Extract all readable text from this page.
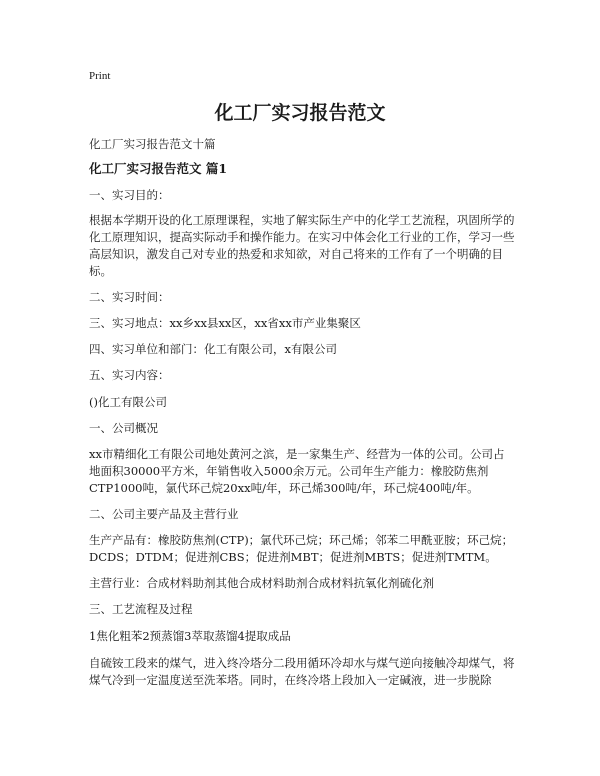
Print
化工厂实习报告范文
化工厂实习报告范文十篇
化工厂实习报告范文 篇1
一、实习目的：
根据本学期开设的化工原理课程，实地了解实际生产中的化学工艺流程，巩固所学的化工原理知识，提高实际动手和操作能力。在实习中体会化工行业的工作，学习一些高层知识，激发自己对专业的热爱和求知欲，对自己将来的工作有了一个明确的目标。
二、实习时间：
三、实习地点：xx乡xx县xx区，xx省xx市产业集聚区
四、实习单位和部门：化工有限公司，x有限公司
五、实习内容：
()化工有限公司
一、公司概况
xx市精细化工有限公司地处黄河之滨，是一家集生产、经营为一体的公司。公司占地面积30000平方米，年销售收入5000余万元。公司年生产能力：橡胶防焦剂CTP1000吨，氯代环己烷20xx吨/年，环己烯300吨/年，环己烷400吨/年。
二、公司主要产品及主营行业
生产产品有：橡胶防焦剂(CTP)；氯代环己烷；环己烯；邻苯二甲酰亚胺；环己烷；DCDS；DTDM；促进剂CBS；促进剂MBT；促进剂MBTS；促进剂TMTM。
主营行业：合成材料助剂其他合成材料助剂合成材料抗氧化剂硫化剂
三、工艺流程及过程
1焦化粗苯2预蒸馏3萃取蒸馏4提取成品
自硫铵工段来的煤气，进入终冷塔分二段用循环冷却水与煤气逆向接触冷却煤气，将煤气冷到一定温度送至洗苯塔。同时，在终冷塔上段加入一定碱液，进一步脱除
